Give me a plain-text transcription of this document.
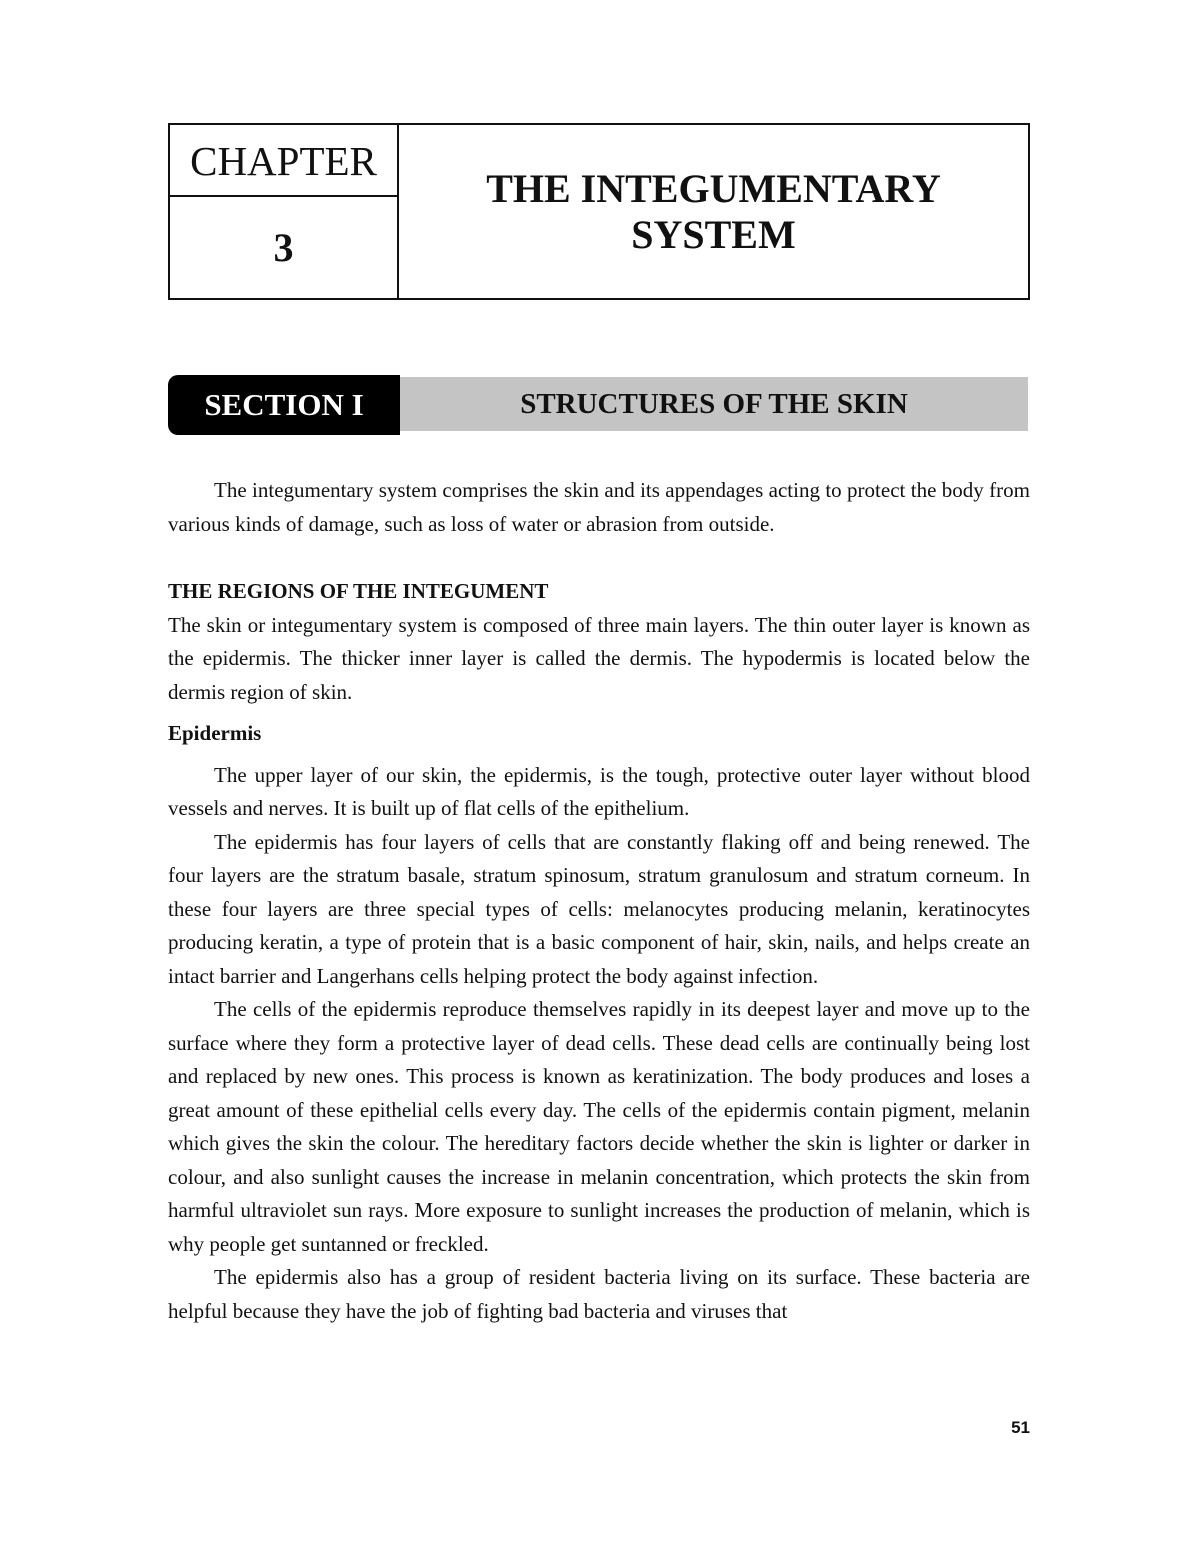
CHAPTER
3
THE INTEGUMENTARY
SYSTEM
SECTION I	STRUCTURES OF THE SKIN

The integumentary system comprises the skin and its appendages acting to protect the body from various kinds of damage, such as loss of water or abrasion from outside.

THE REGIONS OF THE INTEGUMENT

The skin or integumentary system is composed of three main layers. The thin outer layer is known as the epidermis. The thicker inner layer is called the dermis. The hypodermis is located below the dermis region of skin.

Epidermis

The upper layer of our skin, the epidermis, is the tough, protective outer layer without blood vessels and nerves. It is built up of flat cells of the epithelium.

The epidermis has four layers of cells that are constantly flaking off and being renewed. The four layers are the stratum basale, stratum spinosum, stratum granulosum and stratum corneum. In these four layers are three special types of cells: melanocytes producing melanin, keratinocytes producing keratin, a type of protein that is a basic component of hair, skin, nails, and helps create an intact barrier and Langerhans cells helping protect the body against infection.

The cells of the epidermis reproduce themselves rapidly in its deepest layer and move up to the surface where they form a protective layer of dead cells. These dead cells are continually being lost and replaced by new ones. This process is known as keratinization. The body produces and loses a great amount of these epithelial cells every day. The cells of the epidermis contain pigment, melanin which gives the skin the colour. The hereditary factors decide whether the skin is lighter or darker in colour, and also sunlight causes the increase in melanin concentration, which protects the skin from harmful ultraviolet sun rays. More exposure to sunlight increases the production of melanin, which is why people get suntanned or freckled.

The epidermis also has a group of resident bacteria living on its surface. These bacteria are helpful because they have the job of fighting bad bacteria and viruses that

51
